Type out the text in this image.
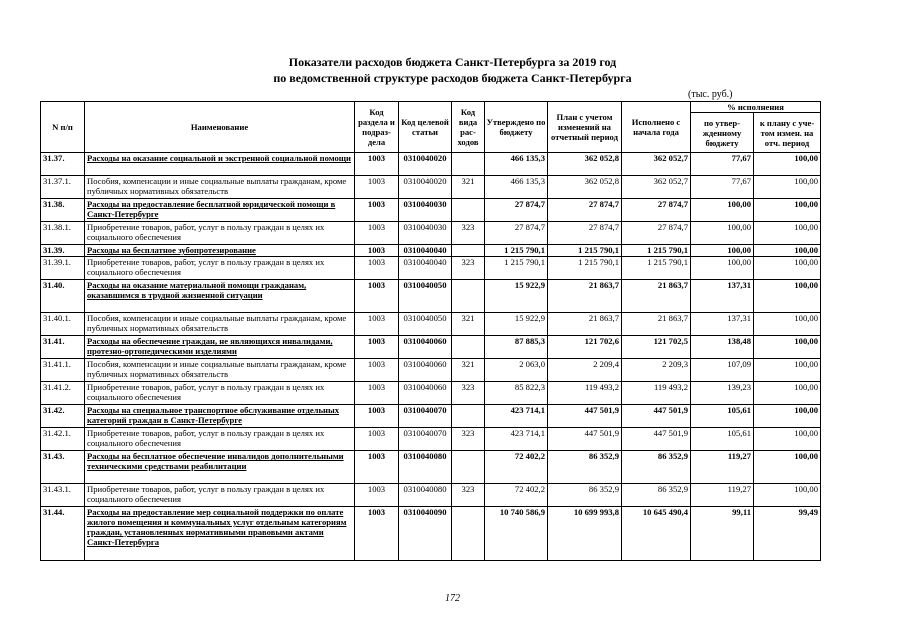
Показатели расходов бюджета Санкт-Петербурга за 2019 год
по ведомственной структуре расходов бюджета Санкт-Петербурга
(тыс. руб.)
N п/п	Наименование	Код раздела и подраз-дела	Код целевой статьи	Код вида рас-ходов	Утверждено по бюджету	План с учетом изменений на отчетный период	Исполнено с начала года	% исполнения	
								по утвер-жденному бюджету	к плану с уче-том измен. на отч. период
31.37.	Расходы на оказание социальной и экстренной социальной помощи	1003	0310040020		466 135,3	362 052,8	362 052,7	77,67	100,00
31.37.1.	Пособия, компенсации и иные социальные выплаты гражданам, кроме публичных нормативных обязательств	1003	0310040020	321	466 135,3	362 052,8	362 052,7	77,67	100,00
31.38.	Расходы на предоставление бесплатной юридической помощи в Санкт-Петербурге	1003	0310040030		27 874,7	27 874,7	27 874,7	100,00	100,00
31.38.1.	Приобретение товаров, работ, услуг в пользу граждан в целях их социального обеспечения	1003	0310040030	323	27 874,7	27 874,7	27 874,7	100,00	100,00
31.39.	Расходы на бесплатное зубопротезирование	1003	0310040040		1 215 790,1	1 215 790,1	1 215 790,1	100,00	100,00
31.39.1.	Приобретение товаров, работ, услуг в пользу граждан в целях их социального обеспечения	1003	0310040040	323	1 215 790,1	1 215 790,1	1 215 790,1	100,00	100,00
31.40.	Расходы на оказание материальной помощи гражданам, оказавшимся в трудной жизненной ситуации	1003	0310040050		15 922,9	21 863,7	21 863,7	137,31	100,00
31.40.1.	Пособия, компенсации и иные социальные выплаты гражданам, кроме публичных нормативных обязательств	1003	0310040050	321	15 922,9	21 863,7	21 863,7	137,31	100,00
31.41.	Расходы на обеспечение граждан, не являющихся инвалидами, протезно-ортопедическими изделиями	1003	0310040060		87 885,3	121 702,6	121 702,5	138,48	100,00
31.41.1.	Пособия, компенсации и иные социальные выплаты гражданам, кроме публичных нормативных обязательств	1003	0310040060	321	2 063,0	2 209,4	2 209,3	107,09	100,00
31.41.2.	Приобретение товаров, работ, услуг в пользу граждан в целях их социального обеспечения	1003	0310040060	323	85 822,3	119 493,2	119 493,2	139,23	100,00
31.42.	Расходы на специальное транспортное обслуживание отдельных категорий граждан в Санкт-Петербурге	1003	0310040070		423 714,1	447 501,9	447 501,9	105,61	100,00
31.42.1.	Приобретение товаров, работ, услуг в пользу граждан в целях их социального обеспечения	1003	0310040070	323	423 714,1	447 501,9	447 501,9	105,61	100,00
31.43.	Расходы на бесплатное обеспечение инвалидов дополнительными техническими средствами реабилитации	1003	0310040080		72 402,2	86 352,9	86 352,9	119,27	100,00
31.43.1.	Приобретение товаров, работ, услуг в пользу граждан в целях их социального обеспечения	1003	0310040080	323	72 402,2	86 352,9	86 352,9	119,27	100,00
31.44.	Расходы на предоставление мер социальной поддержки по оплате жилого помещения и коммунальных услуг отдельным категориям граждан, установленных нормативными правовыми актами Санкт-Петербурга	1003	0310040090		10 740 586,9	10 699 993,8	10 645 490,4	99,11	99,49
172
